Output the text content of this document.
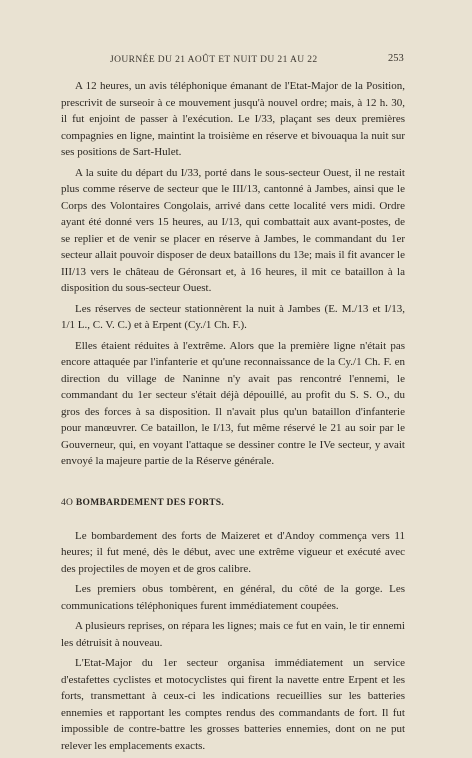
JOURNÉE DU 21 AOÛT ET NUIT DU 21 AU 22	253

A 12 heures, un avis téléphonique émanant de l'Etat-Major de la Position, prescrivit de surseoir à ce mouvement jusqu'à nouvel ordre; mais, à 12 h. 30, il fut enjoint de passer à l'exécution. Le I/33, plaçant ses deux premières compagnies en ligne, maintint la troisième en réserve et bivouaqua la nuit sur ses positions de Sart-Hulet.

A la suite du départ du I/33, porté dans le sous-secteur Ouest, il ne restait plus comme réserve de secteur que le III/13, cantonné à Jambes, ainsi que le Corps des Volontaires Congolais, arrivé dans cette localité vers midi. Ordre ayant été donné vers 15 heures, au I/13, qui combattait aux avant-postes, de se replier et de venir se placer en réserve à Jambes, le commandant du 1er secteur allait pouvoir disposer de deux bataillons du 13e; mais il fit avancer le III/13 vers le château de Géronsart et, à 16 heures, il mit ce bataillon à la disposition du sous-secteur Ouest.

Les réserves de secteur stationnèrent la nuit à Jambes (E. M./13 et I/13, 1/1 L., C. V. C.) et à Erpent (Cy./1 Ch. F.).

Elles étaient réduites à l'extrême. Alors que la première ligne n'était pas encore attaquée par l'infanterie et qu'une reconnaissance de la Cy./1 Ch. F. en direction du village de Naninne n'y avait pas rencontré l'ennemi, le commandant du 1er secteur s'était déjà dépouillé, au profit du S. S. O., du gros des forces à sa disposition. Il n'avait plus qu'un bataillon d'infanterie pour manœuvrer. Ce bataillon, le I/13, fut même réservé le 21 au soir par le Gouverneur, qui, en voyant l'attaque se dessiner contre le IVe secteur, y avait envoyé la majeure partie de la Réserve générale.

4O BOMBARDEMENT DES FORTS.

Le bombardement des forts de Maizeret et d'Andoy commença vers 11 heures; il fut mené, dès le début, avec une extrême vigueur et exécuté avec des projectiles de moyen et de gros calibre.

Les premiers obus tombèrent, en général, du côté de la gorge. Les communications téléphoniques furent immédiatement coupées.

A plusieurs reprises, on répara les lignes; mais ce fut en vain, le tir ennemi les détruisit à nouveau.

L'Etat-Major du 1er secteur organisa immédiatement un service d'estafettes cyclistes et motocyclistes qui firent la navette entre Erpent et les forts, transmettant à ceux-ci les indications recueillies sur les batteries ennemies et rapportant les comptes rendus des commandants de fort. Il fut impossible de contre-battre les grosses batteries ennemies, dont on ne put relever les emplacements exacts.
